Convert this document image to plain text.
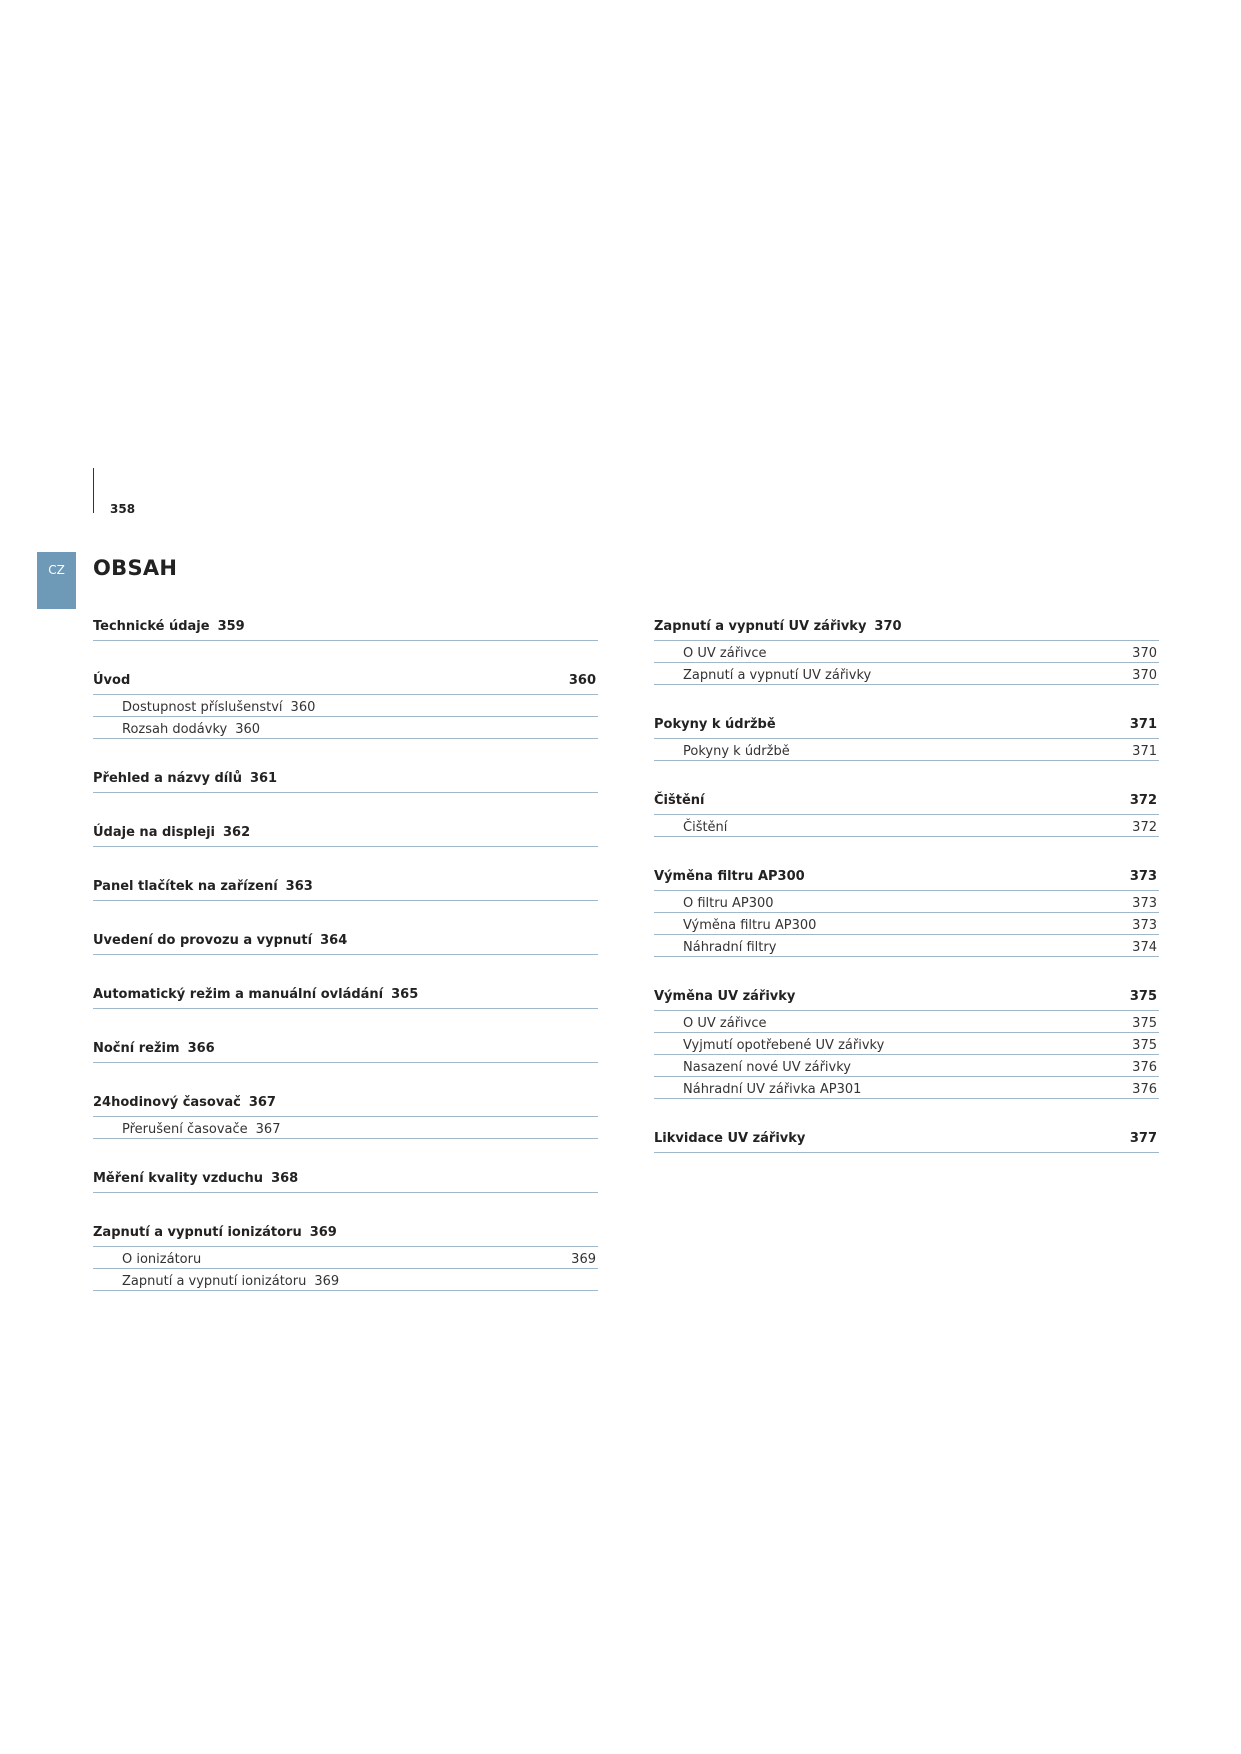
358
CZ	OBSAH
Technické údaje 359
Úvod	360
Dostupnost příslušenství 360
Rozsah dodávky 360
Přehled a názvy dílů 361
Údaje na displeji 362
Panel tlačítek na zařízení 363
Uvedení do provozu a vypnutí 364
Automatický režim a manuální ovládání 365
Noční režim 366
24hodinový časovač 367
Přerušení časovače 367
Měření kvality vzduchu 368
Zapnutí a vypnutí ionizátoru 369
O ionizátoru	369
Zapnutí a vypnutí ionizátoru 369
Zapnutí a vypnutí UV zářivky 370
O UV zářivce	370
Zapnutí a vypnutí UV zářivky	370
Pokyny k údržbě	371
Pokyny k údržbě	371
Čištění	372
Čištění	372
Výměna filtru AP300	373
O filtru AP300	373
Výměna filtru AP300	373
Náhradní filtry	374
Výměna UV zářivky	375
O UV zářivce	375
Vyjmutí opotřebené UV zářivky	375
Nasazení nové UV zářivky	376
Náhradní UV zářivka AP301	376
Likvidace UV zářivky	377
